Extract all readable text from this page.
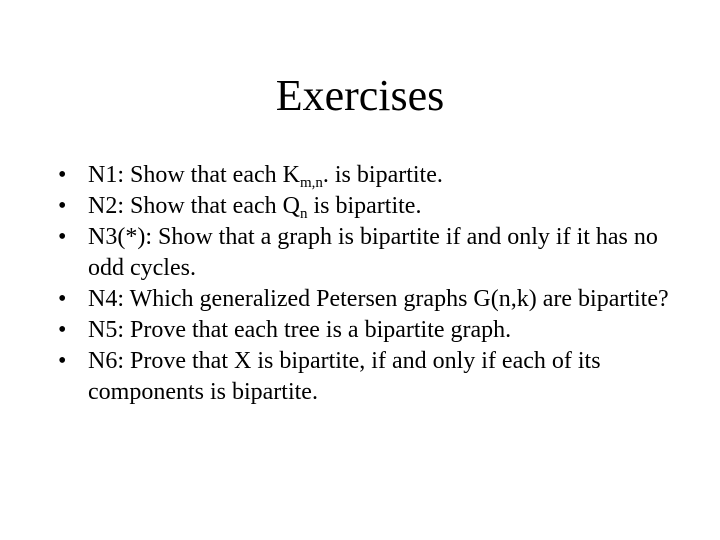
Exercises
• N1: Show that each $K_{m,n}$. is bipartite.
• N2: Show that each $Q_n$ is bipartite.
• N3(*): Show that a graph is bipartite if and only if it has no odd cycles.
• N4: Which generalized Petersen graphs G(n,k) are bipartite?
• N5: Prove that each tree is a bipartite graph.
• N6: Prove that X is bipartite, if and only if each of its components is bipartite.
